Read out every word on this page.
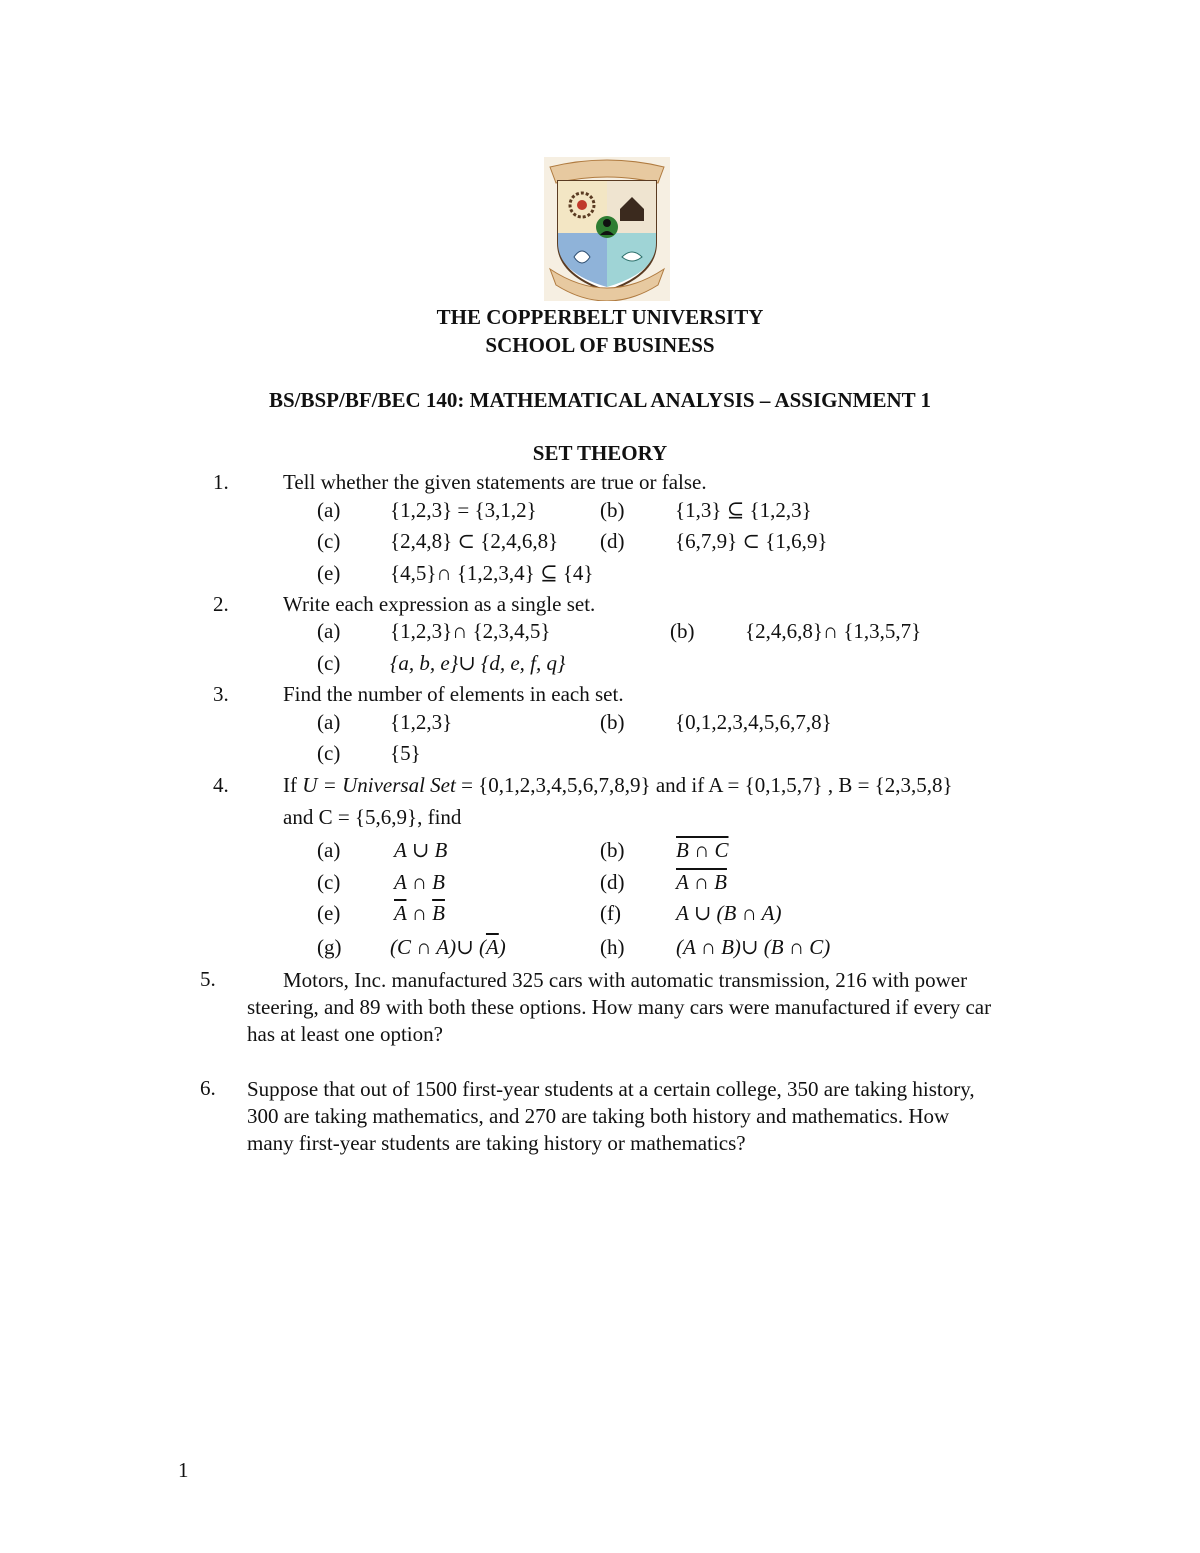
THE COPPERBELT UNIVERSITY
SCHOOL OF BUSINESS
BS/BSP/BF/BEC 140: MATHEMATICAL ANALYSIS – ASSIGNMENT 1
SET THEORY
1.	Tell whether the given statements are true or false.
(a) {1,2,3} = {3,1,2}	(b) {1,3} ⊆ {1,2,3}
(c) {2,4,8} ⊂ {2,4,6,8} (d) {6,7,9} ⊂ {1,6,9}
(e) {4,5}∩ {1,2,3,4} ⊆ {4}
2.	Write each expression as a single set.
(a) {1,2,3}∩ {2,3,4,5}	(b) {2,4,6,8}∩ {1,3,5,7}
(c) {a, b, e}∪ {d, e, f, q}
3.	Find the number of elements in each set.
(a) {1,2,3}	(b) {0,1,2,3,4,5,6,7,8}
(c) {5}
4.	If U = Universal Set = {0,1,2,3,4,5,6,7,8,9} and if A = {0,1,5,7} , B = {2,3,5,8}
and C = {5,6,9}, find
(a)	A ∪ B	(b) B ∩ C
(c)	A ∩ B	(d) A ∩ B
(e)	$\overline{A}$ ∩ $\overline{B}$	(f)	A ∪ (B ∩ A)
(g) (C ∩ A)∪ $(\overline{A})$	(h) (A ∩ B)∪ (B ∩ C)
5.	Motors, Inc. manufactured 325 cars with automatic transmission, 216 with power steering, and 89 with both these options. How many cars were manufactured if every car has at least one option?
6. Suppose that out of 1500 first-year students at a certain college, 350 are taking history, 300 are taking mathematics, and 270 are taking both history and mathematics. How many first-year students are taking history or mathematics?
1
